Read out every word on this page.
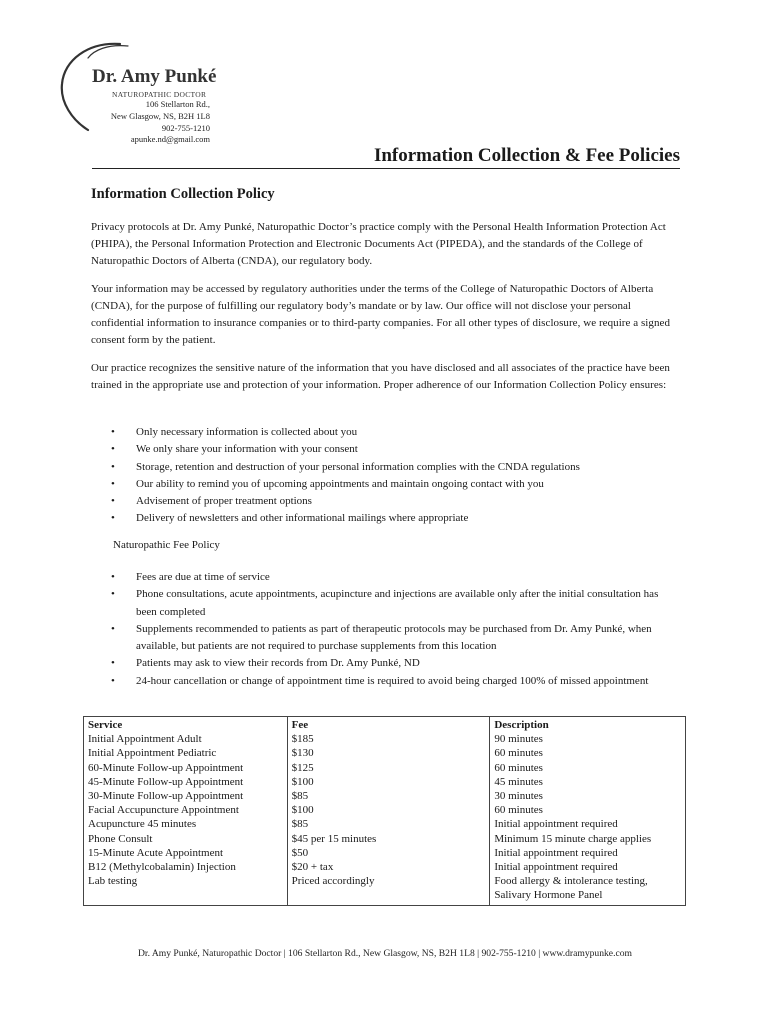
Dr. Amy Punké
NATUROPATHIC DOCTOR
106 Stellarton Rd.,
New Glasgow, NS, B2H 1L8
902-755-1210
apunke.nd@gmail.com
Information Collection & Fee Policies
Information Collection Policy
Privacy protocols at Dr. Amy Punké, Naturopathic Doctor’s practice comply with the Personal Health Information Protection Act (PHIPA), the Personal Information Protection and Electronic Documents Act (PIPEDA), and the standards of the College of Naturopathic Doctors of Alberta (CNDA), our regulatory body.
Your information may be accessed by regulatory authorities under the terms of the College of Naturopathic Doctors of Alberta (CNDA), for the purpose of fulfilling our regulatory body’s mandate or by law. Our office will not disclose your personal confidential information to insurance companies or to third-party companies. For all other types of disclosure, we require a signed consent form by the patient.
Our practice recognizes the sensitive nature of the information that you have disclosed and all associates of the practice have been trained in the appropriate use and protection of your information. Proper adherence of our Information Collection Policy ensures:
• Only necessary information is collected about you
• We only share your information with your consent
• Storage, retention and destruction of your personal information complies with the CNDA regulations
• Our ability to remind you of upcoming appointments and maintain ongoing contact with you
• Advisement of proper treatment options
• Delivery of newsletters and other informational mailings where appropriate
Naturopathic Fee Policy
• Fees are due at time of service
• Phone consultations, acute appointments, acupincture and injections are available only after the initial consultation has been completed
• Supplements recommended to patients as part of therapeutic protocols may be purchased from Dr. Amy Punké, when available, but patients are not required to purchase supplements from this location
• Patients may ask to view their records from Dr. Amy Punké, ND
• 24-hour cancellation or change of appointment time is required to avoid being charged 100% of missed appointment
Service	Fee	Description
Initial Appointment Adult	$185	90 minutes
Initial Appointment Pediatric	$130	60 minutes
60-Minute Follow-up Appointment	$125	60 minutes
45-Minute Follow-up Appointment	$100	45 minutes
30-Minute Follow-up Appointment	$85	30 minutes
Facial Accupuncture Appointment	$100	60 minutes
Acupuncture 45 minutes	$85	Initial appointment required
Phone Consult	$45 per 15 minutes	Minimum 15 minute charge applies
15-Minute Acute Appointment	$50	Initial appointment required
B12 (Methylcobalamin) Injection	$20 + tax	Initial appointment required
Lab testing	Priced accordingly	Food allergy & intolerance testing, Salivary Hormone Panel
Dr. Amy Punké, Naturopathic Doctor | 106 Stellarton Rd., New Glasgow, NS, B2H 1L8 | 902-755-1210 | www.dramypunke.com
